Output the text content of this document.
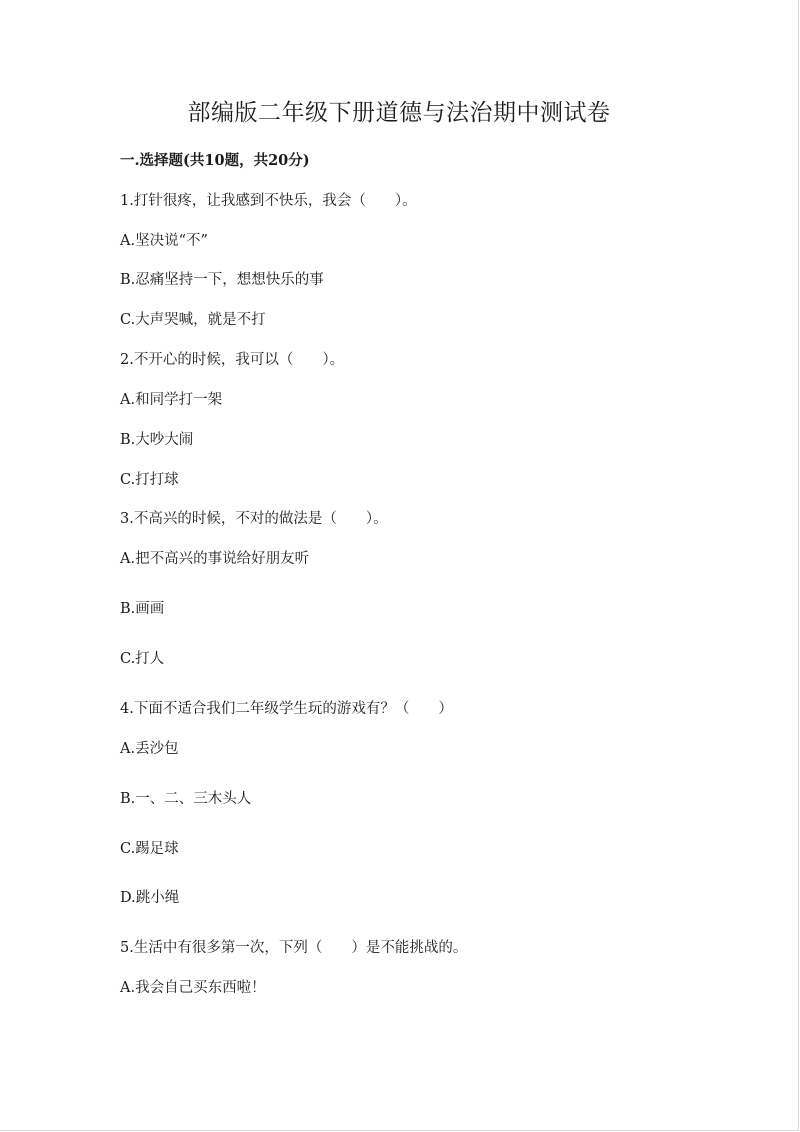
部编版二年级下册道德与法治期中测试卷
一.选择题(共10题，共20分)
1.打针很疼，让我感到不快乐，我会（　　）。
A.坚决说“不”
B.忍痛坚持一下，想想快乐的事
C.大声哭喊，就是不打
2.不开心的时候，我可以（　　）。
A.和同学打一架
B.大吵大闹
C.打打球
3.不高兴的时候，不对的做法是（　　）。
A.把不高兴的事说给好朋友听
B.画画
C.打人
4.下面不适合我们二年级学生玩的游戏有？（　　）
A.丢沙包
B.一、二、三木头人
C.踢足球
D.跳小绳
5.生活中有很多第一次，下列（　　）是不能挑战的。
A.我会自己买东西啦！
